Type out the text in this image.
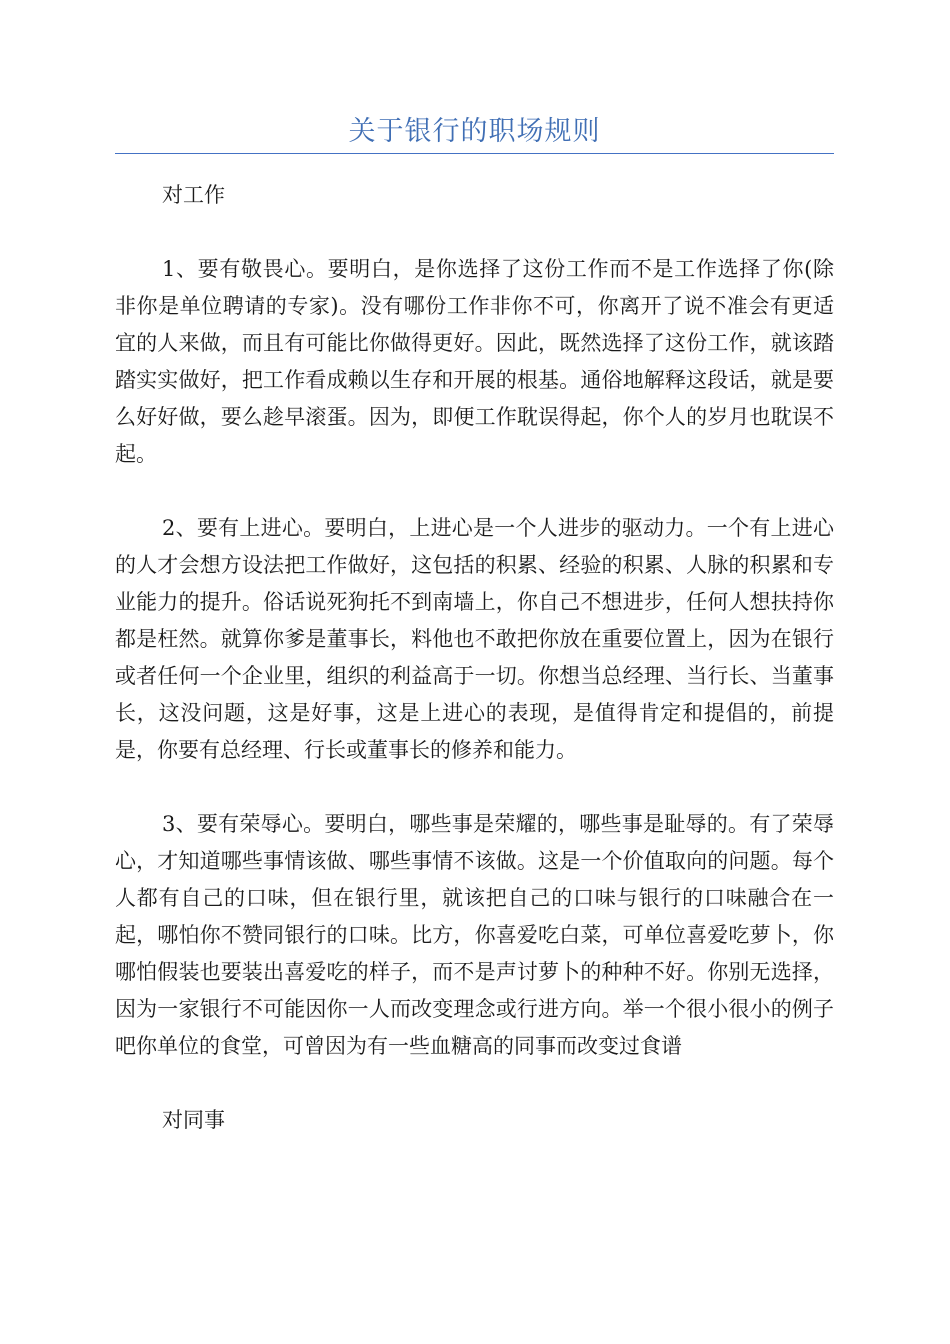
关于银行的职场规则

对工作

1、要有敬畏心。要明白，是你选择了这份工作而不是工作选择了你(除非你是单位聘请的专家)。没有哪份工作非你不可，你离开了说不准会有更适宜的人来做，而且有可能比你做得更好。因此，既然选择了这份工作，就该踏踏实实做好，把工作看成赖以生存和开展的根基。通俗地解释这段话，就是要么好好做，要么趁早滚蛋。因为，即便工作耽误得起，你个人的岁月也耽误不起。

2、要有上进心。要明白，上进心是一个人进步的驱动力。一个有上进心的人才会想方设法把工作做好，这包括的积累、经验的积累、人脉的积累和专业能力的提升。俗话说死狗托不到南墙上，你自己不想进步，任何人想扶持你都是枉然。就算你爹是董事长，料他也不敢把你放在重要位置上，因为在银行或者任何一个企业里，组织的利益高于一切。你想当总经理、当行长、当董事长，这没问题，这是好事，这是上进心的表现，是值得肯定和提倡的，前提是，你要有总经理、行长或董事长的修养和能力。

3、要有荣辱心。要明白，哪些事是荣耀的，哪些事是耻辱的。有了荣辱心，才知道哪些事情该做、哪些事情不该做。这是一个价值取向的问题。每个人都有自己的口味，但在银行里，就该把自己的口味与银行的口味融合在一起，哪怕你不赞同银行的口味。比方，你喜爱吃白菜，可单位喜爱吃萝卜，你哪怕假装也要装出喜爱吃的样子，而不是声讨萝卜的种种不好。你别无选择，因为一家银行不可能因你一人而改变理念或行进方向。举一个很小很小的例子吧你单位的食堂，可曾因为有一些血糖高的同事而改变过食谱

对同事
